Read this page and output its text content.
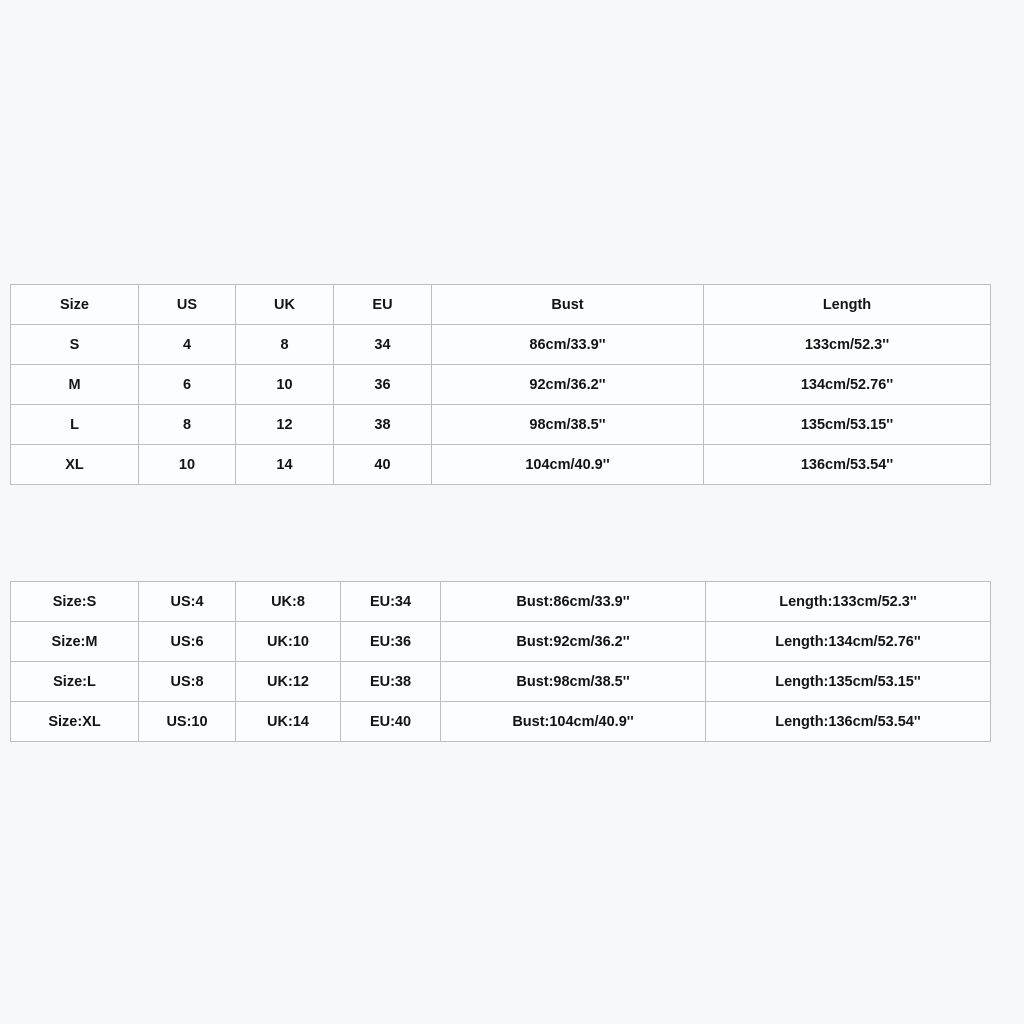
Size	US	UK	EU	Bust	Length
S	4	8	34	86cm/33.9''	133cm/52.3''
M	6	10	36	92cm/36.2''	134cm/52.76''
L	8	12	38	98cm/38.5''	135cm/53.15''
XL	10	14	40	104cm/40.9''	136cm/53.54''
Size:S	US:4	UK:8	EU:34	Bust:86cm/33.9''	Length:133cm/52.3''
Size:M	US:6	UK:10	EU:36	Bust:92cm/36.2''	Length:134cm/52.76''
Size:L	US:8	UK:12	EU:38	Bust:98cm/38.5''	Length:135cm/53.15''
Size:XL	US:10	UK:14	EU:40	Bust:104cm/40.9''	Length:136cm/53.54''
